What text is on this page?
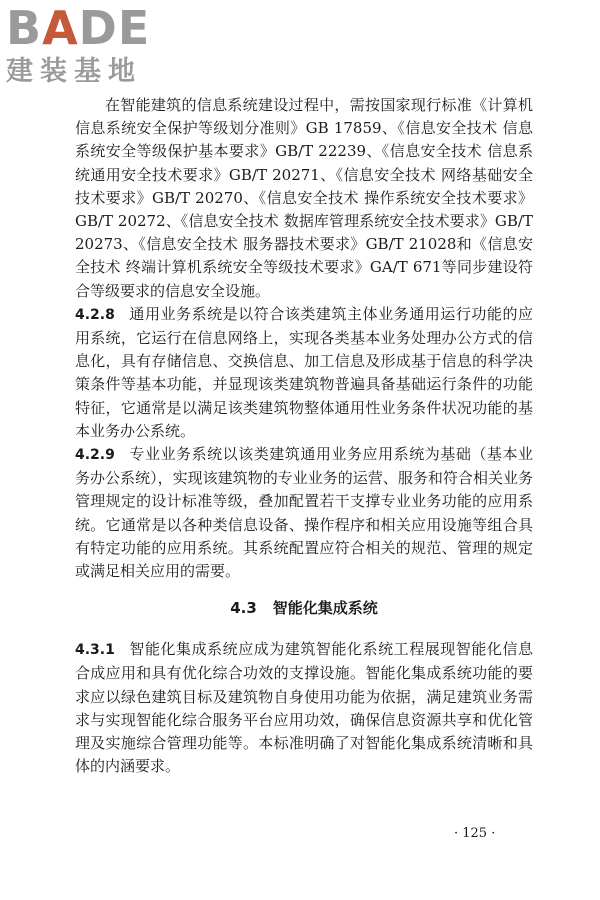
BADE
建装基地

在智能建筑的信息系统建设过程中，需按国家现行标准《计算机信息系统安全保护等级划分准则》GB 17859、《信息安全技术 信息系统安全等级保护基本要求》GB/T 22239、《信息安全技术 信息系统通用安全技术要求》GB/T 20271、《信息安全技术 网络基础安全技术要求》GB/T 20270、《信息安全技术 操作系统安全技术要求》GB/T 20272、《信息安全技术 数据库管理系统安全技术要求》GB/T 20273、《信息安全技术 服务器技术要求》GB/T 21028和《信息安全技术 终端计算机系统安全等级技术要求》GA/T 671等同步建设符合等级要求的信息安全设施。

4.2.8 通用业务系统是以符合该类建筑主体业务通用运行功能的应用系统，它运行在信息网络上，实现各类基本业务处理办公方式的信息化，具有存储信息、交换信息、加工信息及形成基于信息的科学决策条件等基本功能，并显现该类建筑物普遍具备基础运行条件的功能特征，它通常是以满足该类建筑物整体通用性业务条件状况功能的基本业务办公系统。

4.2.9 专业业务系统以该类建筑通用业务应用系统为基础（基本业务办公系统），实现该建筑物的专业业务的运营、服务和符合相关业务管理规定的设计标准等级，叠加配置若干支撑专业业务功能的应用系统。它通常是以各种类信息设备、操作程序和相关应用设施等组合具有特定功能的应用系统。其系统配置应符合相关的规范、管理的规定或满足相关应用的需要。

4.3 智能化集成系统

4.3.1 智能化集成系统应成为建筑智能化系统工程展现智能化信息合成应用和具有优化综合功效的支撑设施。智能化集成系统功能的要求应以绿色建筑目标及建筑物自身使用功能为依据，满足建筑业务需求与实现智能化综合服务平台应用功效，确保信息资源共享和优化管理及实施综合管理功能等。本标准明确了对智能化集成系统清晰和具体的内涵要求。

· 125 ·
